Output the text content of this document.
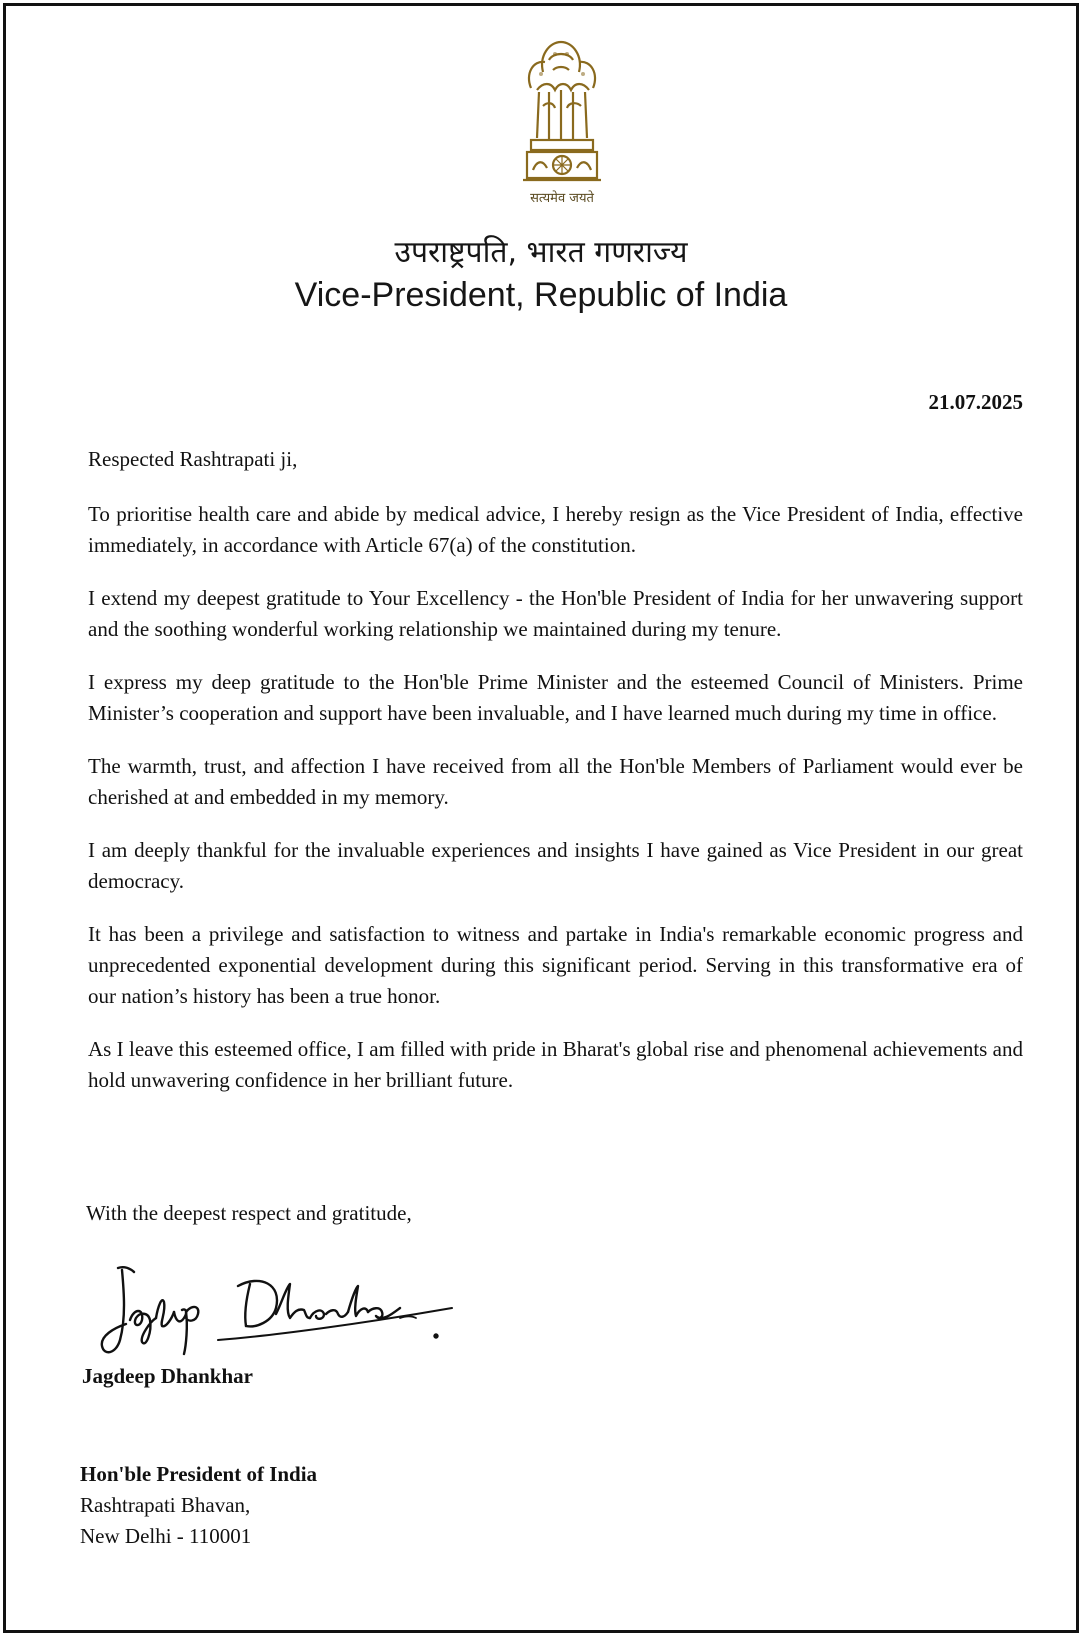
सत्यमेव जयते
उपराष्ट्रपति, भारत गणराज्य
Vice-President, Republic of India
21.07.2025

Respected Rashtrapati ji,

To prioritise health care and abide by medical advice, I hereby resign as the Vice President of India, effective immediately, in accordance with Article 67(a) of the constitution.

I extend my deepest gratitude to Your Excellency - the Hon'ble President of India for her unwavering support and the soothing wonderful working relationship we maintained during my tenure.

I express my deep gratitude to the Hon'ble Prime Minister and the esteemed Council of Ministers. Prime Minister’s cooperation and support have been invaluable, and I have learned much during my time in office.

The warmth, trust, and affection I have received from all the Hon'ble Members of Parliament would ever be cherished at and embedded in my memory.

I am deeply thankful for the invaluable experiences and insights I have gained as Vice President in our great democracy.

It has been a privilege and satisfaction to witness and partake in India's remarkable economic progress and unprecedented exponential development during this significant period. Serving in this transformative era of our nation’s history has been a true honor.

As I leave this esteemed office, I am filled with pride in Bharat's global rise and phenomenal achievements and hold unwavering confidence in her brilliant future.

With the deepest respect and gratitude,
Jagdeep Dhankhar
Hon'ble President of India
Rashtrapati Bhavan,
New Delhi - 110001
